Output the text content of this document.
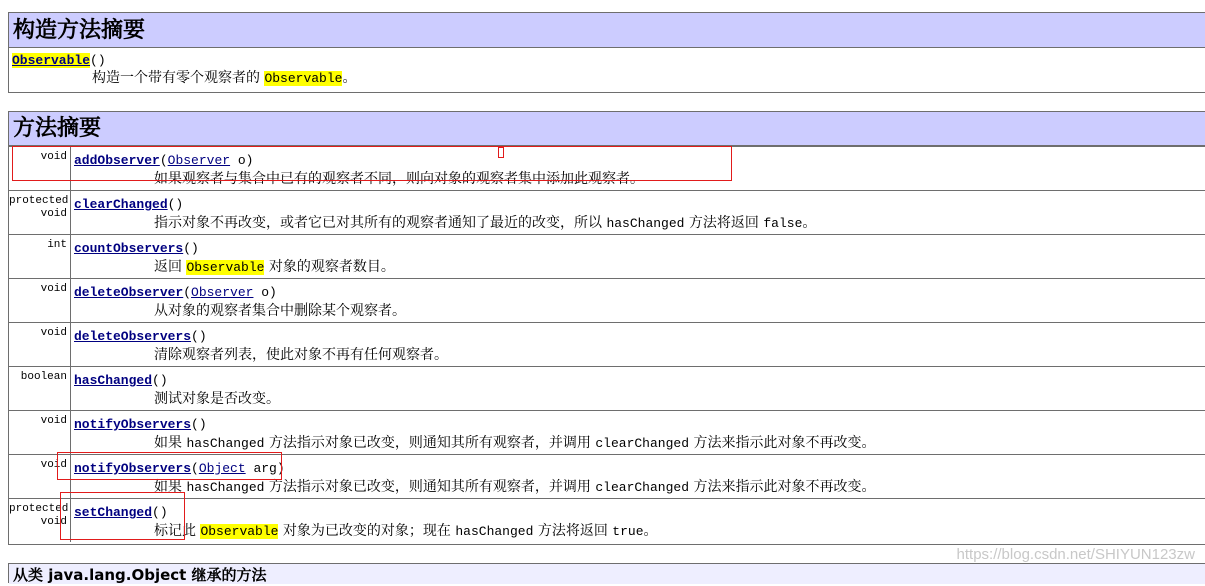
构造方法摘要
Observable()
构造一个带有零个观察者的 Observable。
方法摘要
void addObserver(Observer o)
如果观察者与集合中已有的观察者不同，则向对象的观察者集中添加此观察者。
protected
void
clearChanged()
指示对象不再改变，或者它已对其所有的观察者通知了最近的改变，所以 hasChanged 方法将返回 false。
int countObservers()
返回 Observable 对象的观察者数目。
void deleteObserver(Observer o)
从对象的观察者集合中删除某个观察者。
void deleteObservers()
清除观察者列表，使此对象不再有任何观察者。
boolean hasChanged()
测试对象是否改变。
void notifyObservers()
如果 hasChanged 方法指示对象已改变，则通知其所有观察者，并调用 clearChanged 方法来指示此对象不再改变。
void notifyObservers(Object arg)
如果 hasChanged 方法指示对象已改变，则通知其所有观察者，并调用 clearChanged 方法来指示此对象不再改变。
protected
void
setChanged()
标记此 Observable 对象为已改变的对象；现在 hasChanged 方法将返回 true。
从类 java.lang.Object 继承的方法
https://blog.csdn.net/SHIYUN123zw
